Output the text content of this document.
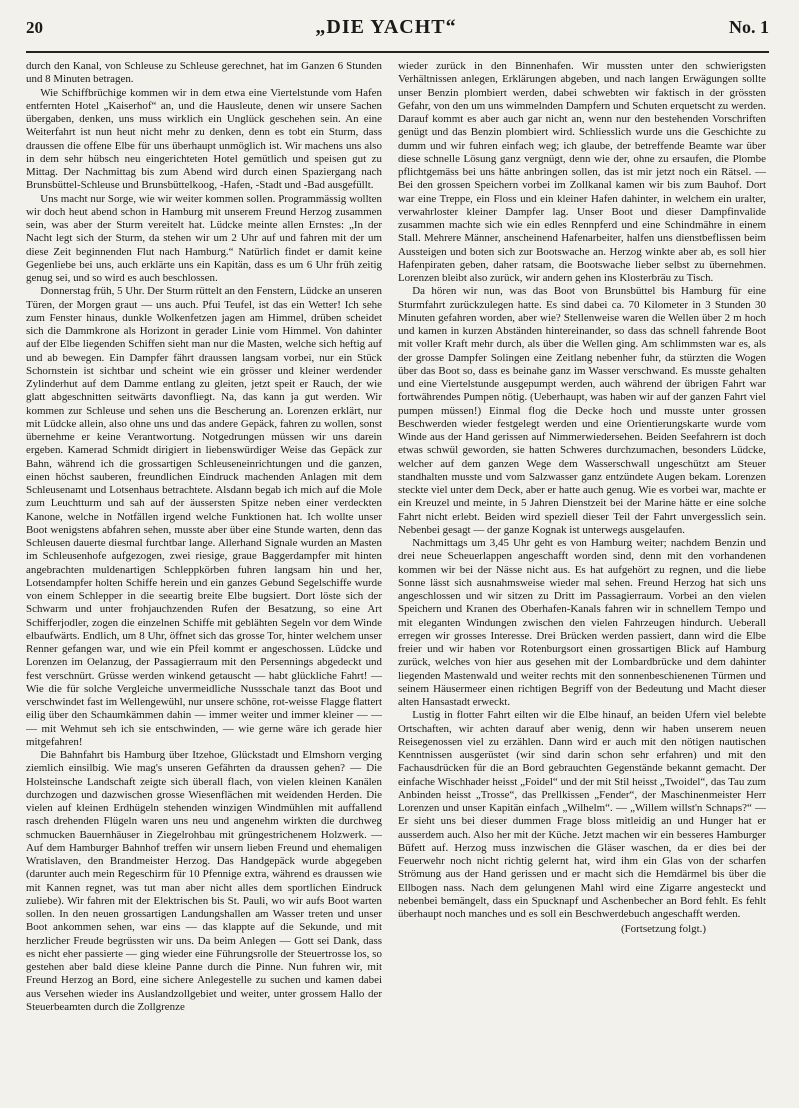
20	„DIE YACHT“	No. 1

durch den Kanal, von Schleuse zu Schleuse gerechnet, hat im Ganzen 6 Stunden und 8 Minuten betragen.

Wie Schiffbrüchige kommen wir in dem etwa eine Viertelstunde vom Hafen entfernten Hotel „Kaiserhof“ an, und die Hausleute, denen wir unsere Sachen übergaben, denken, uns muss wirklich ein Unglück geschehen sein. An eine Weiterfahrt ist nun heut nicht mehr zu denken, denn es tobt ein Sturm, dass draussen die offene Elbe für uns überhaupt unmöglich ist. Wir machens uns also in dem sehr hübsch neu eingerichteten Hotel gemütlich und speisen gut zu Mittag. Der Nachmittag bis zum Abend wird durch einen Spaziergang nach Brunsbüttel-Schleuse und Brunsbüttelkoog, -Hafen, -Stadt und -Bad ausgefüllt.

Uns macht nur Sorge, wie wir weiter kommen sollen. Programmässig wollten wir doch heut abend schon in Hamburg mit unserem Freund Herzog zusammen sein, was aber der Sturm vereitelt hat. Lüdcke meinte allen Ernstes: „In der Nacht legt sich der Sturm, da stehen wir um 2 Uhr auf und fahren mit der um diese Zeit beginnenden Flut nach Hamburg.“ Natürlich findet er damit keine Gegenliebe bei uns, auch erklärte uns ein Kapitän, dass es um 6 Uhr früh zeitig genug sei, und so wird es auch beschlossen.

Donnerstag früh, 5 Uhr. Der Sturm rüttelt an den Fenstern, Lüdcke an unseren Türen, der Morgen graut — uns auch. Pfui Teufel, ist das ein Wetter! Ich sehe zum Fenster hinaus, dunkle Wolkenfetzen jagen am Himmel, drüben scheidet sich die Dammkrone als Horizont in gerader Linie vom Himmel. Von dahinter auf der Elbe liegenden Schiffen sieht man nur die Masten, welche sich heftig auf und ab bewegen. Ein Dampfer fährt draussen langsam vorbei, nur ein Stück Schornstein ist sichtbar und scheint wie ein grösser und kleiner werdender Zylinderhut auf dem Damme entlang zu gleiten, jetzt speit er Rauch, der wie glatt abgeschnitten seitwärts davonfliegt. Na, das kann ja gut werden. Wir kommen zur Schleuse und sehen uns die Bescherung an. Lorenzen erklärt, nur mit Lüdcke allein, also ohne uns und das andere Gepäck, fahren zu wollen, sonst übernehme er keine Verantwortung. Notgedrungen müssen wir uns darein ergeben. Kamerad Schmidt dirigiert in liebenswürdiger Weise das Gepäck zur Bahn, während ich die grossartigen Schleuseneinrichtungen und die ganzen, einen höchst sauberen, freundlichen Eindruck machenden Anlagen mit dem Schleusenamt und Lotsenhaus betrachtete. Alsdann begab ich mich auf die Mole zum Leuchtturm und sah auf der äussersten Spitze neben einer verdeckten Kanone, welche in Notfällen irgend welche Funktionen hat. Ich wollte unser Boot wenigstens abfahren sehen, musste aber über eine Stunde warten, denn das Schleusen dauerte diesmal furchtbar lange. Allerhand Signale wurden an Masten im Schleusenhofe aufgezogen, zwei riesige, graue Baggerdampfer mit hinten angebrachten muldenartigen Schleppkörben fuhren langsam hin und her, Lotsendampfer holten Schiffe herein und ein ganzes Gebund Segelschiffe wurde von einem Schlepper in die seeartig breite Elbe bugsiert. Dort löste sich der Schwarm und unter frohjauchzenden Rufen der Besatzung, so eine Art Schifferjodler, zogen die einzelnen Schiffe mit geblähten Segeln vor dem Winde elbaufwärts. Endlich, um 8 Uhr, öffnet sich das grosse Tor, hinter welchem unser Renner gefangen war, und wie ein Pfeil kommt er angeschossen. Lüdcke und Lorenzen im Oelanzug, der Passagierraum mit den Persennings abgedeckt und fest verschnürt. Grüsse werden winkend getauscht — habt glückliche Fahrt! — Wie die für solche Vergleiche unvermeidliche Nussschale tanzt das Boot und verschwindet fast im Wellengewühl, nur unsere schöne, rot-weisse Flagge flattert eilig über den Schaumkämmen dahin — immer weiter und immer kleiner — — — mit Wehmut seh ich sie entschwinden, — wie gerne wäre ich gerade hier mitgefahren!

Die Bahnfahrt bis Hamburg über Itzehoe, Glückstadt und Elmshorn verging ziemlich einsilbig. Wie mag's unseren Gefährten da draussen gehen? — Die Holsteinsche Landschaft zeigte sich überall flach, von vielen kleinen Kanälen durchzogen und dazwischen grosse Wiesenflächen mit weidenden Herden. Die vielen auf kleinen Erdhügeln stehenden winzigen Windmühlen mit auffallend rasch drehenden Flügeln waren uns neu und angenehm wirkten die durchweg schmucken Bauernhäuser in Ziegelrohbau mit grüngestrichenem Holzwerk. — Auf dem Hamburger Bahnhof treffen wir unsern lieben Freund und ehemaligen Wratislaven, den Brandmeister Herzog. Das Handgepäck wurde abgegeben (darunter auch mein Regeschirm für 10 Pfennige extra, während es draussen wie mit Kannen regnet, was tut man aber nicht alles dem sportlichen Eindruck zuliebe). Wir fahren mit der Elektrischen bis St. Pauli, wo wir aufs Boot warten sollen. In den neuen grossartigen Landungshallen am Wasser treten und unser Boot ankommen sehen, war eins — das klappte auf die Sekunde, und mit herzlicher Freude begrüssten wir uns. Da beim Anlegen — Gott sei Dank, dass es nicht eher passierte — ging wieder eine Führungsrolle der Steuertrosse los, so gestehen aber bald diese kleine Panne durch die Pinne. Nun fuhren wir, mit Freund Herzog an Bord, eine sichere Anlegestelle zu suchen und kamen dabei aus Versehen wieder ins Auslandzollgebiet und weiter, unter grossem Hallo der Steuerbeamten durch die Zollgrenze

wieder zurück in den Binnenhafen. Wir mussten unter den schwierigsten Verhältnissen anlegen, Erklärungen abgeben, und nach langen Erwägungen sollte unser Benzin plombiert werden, dabei schwebten wir faktisch in der grössten Gefahr, von den um uns wimmelnden Dampfern und Schuten erquetscht zu werden. Darauf kommt es aber auch gar nicht an, wenn nur den bestehenden Vorschriften genügt und das Benzin plombiert wird. Schliesslich wurde uns die Geschichte zu dumm und wir fuhren einfach weg; ich glaube, der betreffende Beamte war über diese schnelle Lösung ganz vergnügt, denn wie der, ohne zu ersaufen, die Plombe pflichtgemäss bei uns hätte anbringen sollen, das ist mir jetzt noch ein Rätsel. — Bei den grossen Speichern vorbei im Zollkanal kamen wir bis zum Bauhof. Dort war eine Treppe, ein Floss und ein kleiner Hafen dahinter, in welchem ein uralter, verwahrloster kleiner Dampfer lag. Unser Boot und dieser Dampfinvalide zusammen machte sich wie ein edles Rennpferd und eine Schindmähre in einem Stall. Mehrere Männer, anscheinend Hafenarbeiter, halfen uns dienstbeflissen beim Aussteigen und boten sich zur Bootswache an. Herzog winkte aber ab, es soll hier Hafenpiraten geben, daher ratsam, die Bootswache lieber selbst zu übernehmen. Lorenzen bleibt also zurück, wir andern gehen ins Klosterbräu zu Tisch.

Da hören wir nun, was das Boot von Brunsbüttel bis Hamburg für eine Sturmfahrt zurückzulegen hatte. Es sind dabei ca. 70 Kilometer in 3 Stunden 30 Minuten gefahren worden, aber wie? Stellenweise waren die Wellen über 2 m hoch und kamen in kurzen Abständen hintereinander, so dass das schnell fahrende Boot mit voller Kraft mehr durch, als über die Wellen ging. Am schlimmsten war es, als der grosse Dampfer Solingen eine Zeitlang nebenher fuhr, da stürzten die Wogen über das Boot so, dass es beinahe ganz im Wasser verschwand. Es musste gehalten und eine Viertelstunde ausgepumpt werden, auch während der übrigen Fahrt war fortwährendes Pumpen nötig. (Ueberhaupt, was haben wir auf der ganzen Fahrt viel pumpen müssen!) Einmal flog die Decke hoch und musste unter grossen Beschwerden wieder festgelegt werden und eine Orientierungskarte wurde vom Winde aus der Hand gerissen auf Nimmerwiedersehen. Beiden Seefahrern ist doch etwas schwül geworden, sie hatten Schweres durchzumachen, besonders Lüdcke, welcher auf dem ganzen Wege dem Wasserschwall ungeschützt am Steuer standhalten musste und vom Salzwasser ganz entzündete Augen bekam. Lorenzen steckte viel unter dem Deck, aber er hatte auch genug. Wie es vorbei war, machte er ein Kreuzel und meinte, in 5 Jahren Dienstzeit bei der Marine hätte er eine solche Fahrt nicht erlebt. Beiden wird speziell dieser Teil der Fahrt unvergesslich sein. Nebenbei gesagt — der ganze Kognak ist unterwegs ausgelaufen.

Nachmittags um 3,45 Uhr geht es von Hamburg weiter; nachdem Benzin und drei neue Scheuerlappen angeschafft worden sind, denn mit den vorhandenen kommen wir bei der Nässe nicht aus. Es hat aufgehört zu regnen, und die liebe Sonne lässt sich ausnahmsweise wieder mal sehen. Freund Herzog hat sich uns angeschlossen und wir sitzen zu Dritt im Passagierraum. Vorbei an den vielen Speichern und Kranen des Oberhafen-Kanals fahren wir in schnellem Tempo und mit eleganten Windungen zwischen den vielen Fahrzeugen hindurch. Ueberall erregen wir grosses Interesse. Drei Brücken werden passiert, dann wird die Elbe freier und wir haben vor Rotenburgsort einen grossartigen Blick auf Hamburg zurück, welches von hier aus gesehen mit der Lombardbrücke und dem dahinter liegenden Mastenwald und weiter rechts mit den sonnenbeschienenen Türmen und seinem Häusermeer einen richtigen Begriff von der Bedeutung und Macht dieser alten Hansastadt erweckt.

Lustig in flotter Fahrt eilten wir die Elbe hinauf, an beiden Ufern viel belebte Ortschaften, wir achten darauf aber wenig, denn wir haben unserem neuen Reisegenossen viel zu erzählen. Dann wird er auch mit den nötigen nautischen Kenntnissen ausgerüstet (wir sind darin schon sehr erfahren) und mit den Fachausdrücken für die an Bord gebrauchten Gegenstände bekannt gemacht. Der einfache Wischhader heisst „Foidel“ und der mit Stil heisst „Twoidel“, das Tau zum Anbinden heisst „Trosse“, das Prellkissen „Fender“, der Maschinenmeister Herr Lorenzen und unser Kapitän einfach „Wilhelm“. — „Willem willst'n Schnaps?“ — Er sieht uns bei dieser dummen Frage bloss mitleidig an und Hunger hat er ausserdem auch. Also her mit der Küche. Jetzt machen wir ein besseres Hamburger Büfett auf. Herzog muss inzwischen die Gläser waschen, da er dies bei der Feuerwehr noch nicht richtig gelernt hat, wird ihm ein Glas von der scharfen Strömung aus der Hand gerissen und er macht sich die Hemdärmel bis über die Ellbogen nass. Nach dem gelungenen Mahl wird eine Zigarre angesteckt und nebenbei bemängelt, dass ein Spucknapf und Aschenbecher an Bord fehlt. Es fehlt überhaupt noch manches und es soll ein Beschwerdebuch angeschafft werden.

(Fortsetzung folgt.)
